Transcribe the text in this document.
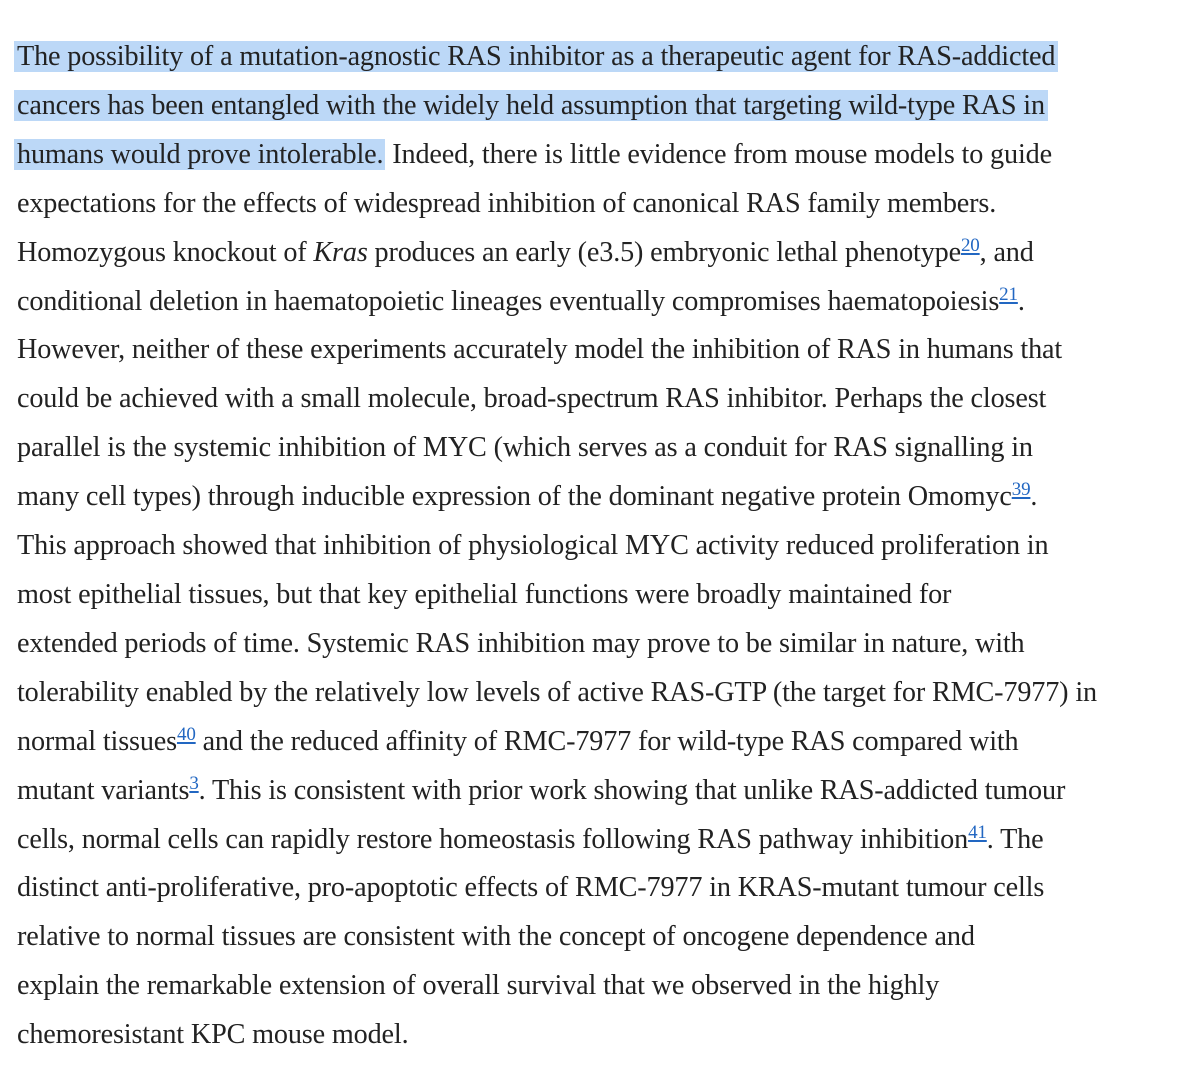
The possibility of a mutation-agnostic RAS inhibitor as a therapeutic agent for RAS-addicted
cancers has been entangled with the widely held assumption that targeting wild-type RAS in
humans would prove intolerable. Indeed, there is little evidence from mouse models to guide
expectations for the effects of widespread inhibition of canonical RAS family members.
Homozygous knockout of Kras produces an early (e3.5) embryonic lethal phenotype$^{20}$, and
conditional deletion in haematopoietic lineages eventually compromises haematopoiesis$^{21}$.
However, neither of these experiments accurately model the inhibition of RAS in humans that
could be achieved with a small molecule, broad-spectrum RAS inhibitor. Perhaps the closest
parallel is the systemic inhibition of MYC (which serves as a conduit for RAS signalling in
many cell types) through inducible expression of the dominant negative protein Omomyc$^{39}$.
This approach showed that inhibition of physiological MYC activity reduced proliferation in
most epithelial tissues, but that key epithelial functions were broadly maintained for
extended periods of time. Systemic RAS inhibition may prove to be similar in nature, with
tolerability enabled by the relatively low levels of active RAS-GTP (the target for RMC-7977) in
normal tissues$^{40}$ and the reduced affinity of RMC-7977 for wild-type RAS compared with
mutant variants$^3$. This is consistent with prior work showing that unlike RAS-addicted tumour
cells, normal cells can rapidly restore homeostasis following RAS pathway inhibition$^{41}$. The
distinct anti-proliferative, pro-apoptotic effects of RMC-7977 in KRAS-mutant tumour cells
relative to normal tissues are consistent with the concept of oncogene dependence and
explain the remarkable extension of overall survival that we observed in the highly
chemoresistant KPC mouse model.
